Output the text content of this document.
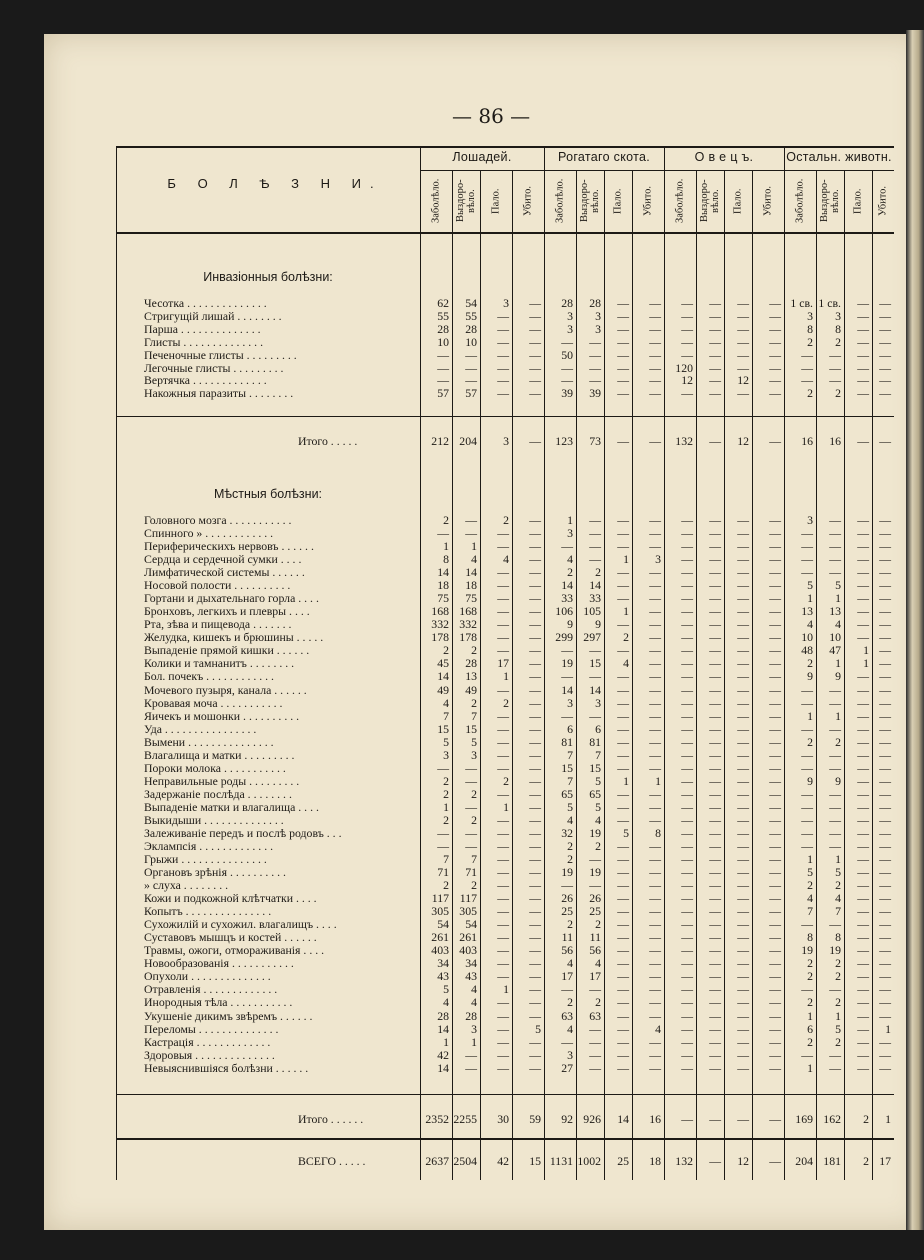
— 86 —
Б О Л Ѣ З Н И.
Лошадей.	Рогатаго скота.	О в е ц ъ.	Остальн. животн.
Заболѣло.	Выздоро-вѣло.	Пало.	Убито.	Заболѣло.	Выздоро-вѣло.	Пало.	Убито.	Заболѣло.	Выздоро-вѣло.	Пало.	Убито.	Заболѣло.	Выздоро-вѣло.	Пало.	Убито.
Инвазіонныя болѣзни:
Чесотка . . . . . . . . . . . . . .	62	54	3	—	28	28	—	—	—	—	—	— 1 св. 1 св.	— —
Стригущій лишай . . . . . . . .	55	55	—	—	3	3	—	—	—	—	—	—	3	3	— —
Парша . . . . . . . . . . . . . .	28	28	—	—	3	3	—	—	—	—	—	—	8	8	— —
Глисты . . . . . . . . . . . . . .	10	10	—	—	—	—	—	—	—	—	—	—	2	2	— —
Печеночные глисты . . . . . . . . .	—	—	—	—	50	—	—	—	—	—	—	—	—	—	— —
Легочные глисты . . . . . . . . .	—	—	—	—	—	—	—	—	120	—	—	—	—	—	— —
Вертячка . . . . . . . . . . . . .	—	—	—	—	—	—	—	—	12	—	12	—	—	—	— —
Накожныя паразиты . . . . . . . .	57	57	—	—	39	39	—	—	—	—	—	—	2	2	— —
Итого . . . . .	212 204	3	—	123	73	—	—	132	—	12	—	16	16	— —
Мѣстныя болѣзни:
Головного мозга . . . . . . . . . . .	2	—	2	—	1	—	—	—	—	—	—	—	3	—	— —
Спинного » . . . . . . . . . . . .	—	—	—	—	3	—	—	—	—	—	—	—	—	—	— —
Периферическихъ нервовъ . . . . . .	1	1	—	—	—	—	—	—	—	—	—	—	—	—	— —
Сердца и сердечной сумки . . . .	8	4	4	—	4	—	1	3	—	—	—	—	—	—	— —
Лимфатической системы . . . . . .	14	14	—	—	2	2	—	—	—	—	—	—	—	—	— —
Носовой полости . . . . . . . . . .	18	18	—	—	14	14	—	—	—	—	—	—	5	5	— —
Гортани и дыхательнаго горла . . . .	75	75	—	—	33	33	—	—	—	—	—	—	1	1	— —
Бронховъ, легкихъ и плевры . . . .	168 168	—	—	106 105	1	—	—	—	—	—	13	13	— —
Рта, зѣва и пищевода . . . . . . .	332 332	—	—	9	9	—	—	—	—	—	—	4	4	— —
Желудка, кишекъ и брюшины . . . . .	178 178	—	—	299 297	2	—	—	—	—	—	10	10	— —
Выпаденіе прямой кишки . . . . . .	2	2	—	—	—	—	—	—	—	—	—	—	48	47	1 —
Колики и тамнанитъ . . . . . . . .	45	28	17	—	19	15	4	—	—	—	—	—	2	1	1 —
Бол. почекъ . . . . . . . . . . . .	14	13	1	—	—	—	—	—	—	—	—	—	9	9	— —
Мочевого пузыря, канала . . . . . .	49	49	—	—	14	14	—	—	—	—	—	—	—	—	— —
Кровавая моча . . . . . . . . . . .	4	2	2	—	3	3	—	—	—	—	—	—	—	—	— —
Яичекъ и мошонки . . . . . . . . . .	7	7	—	—	—	—	—	—	—	—	—	—	1	1	— —
Уда . . . . . . . . . . . . . . . .	15	15	—	—	6	6	—	—	—	—	—	—	—	—	— —
Вымени . . . . . . . . . . . . . . .	5	5	—	—	81	81	—	—	—	—	—	—	2	2	— —
Влагалища и матки . . . . . . . . .	3	3	—	—	7	7	—	—	—	—	—	—	—	—	— —
Пороки молока . . . . . . . . . . .	—	—	—	—	15	15	—	—	—	—	—	—	—	—	— —
Неправильные роды . . . . . . . . .	2	—	2	—	7	5	1	1	—	—	—	—	9	9	— —
Задержаніе послѣда . . . . . . . .	2	2	—	—	65	65	—	—	—	—	—	—	—	—	— —
Выпаденіе матки и влагалища . . . .	1	—	1	—	5	5	—	—	—	—	—	—	—	—	— —
Выкидыши . . . . . . . . . . . . . .	2	2	—	—	4	4	—	—	—	—	—	—	—	—	— —
Залеживаніе передъ и послѣ родовъ . . .	—	—	—	—	32	19	5	8	—	—	—	—	—	—	— —
Эклампсія . . . . . . . . . . . . .	—	—	—	—	2	2	—	—	—	—	—	—	—	—	— —
Грыжи . . . . . . . . . . . . . . .	7	7	—	—	2	—	—	—	—	—	—	—	1	1	— —
Органовъ зрѣнія . . . . . . . . . .	71	71	—	—	19	19	—	—	—	—	—	—	5	5	— —
» слуха . . . . . . . .	2	2	—	—	—	—	—	—	—	—	—	—	2	2	— —
Кожи и подкожной клѣтчатки . . . .	117 117	—	—	26	26	—	—	—	—	—	—	4	4	— —
Копытъ . . . . . . . . . . . . . . .	305 305	—	—	25	25	—	—	—	—	—	—	7	7	— —
Сухожилій и сухожил. влагалищъ . . . .	54	54	—	—	2	2	—	—	—	—	—	—	—	—	— —
Суставовъ мышцъ и костей . . . . . .	261 261	—	—	11	11	—	—	—	—	—	—	8	8	— —
Травмы, ожоги, отмораживанія . . . .	403 403	—	—	56	56	—	—	—	—	—	—	19	19	— —
Новообразованія . . . . . . . . . . .	34	34	—	—	4	4	—	—	—	—	—	—	2	2	— —
Опухоли . . . . . . . . . . . . . .	43	43	—	—	17	17	—	—	—	—	—	—	2	2	— —
Отравленія . . . . . . . . . . . . .	5	4	1	—	—	—	—	—	—	—	—	—	—	—	— —
Инородныя тѣла . . . . . . . . . . .	4	4	—	—	2	2	—	—	—	—	—	—	2	2	— —
Укушеніе дикимъ звѣремъ . . . . . .	28	28	—	—	63	63	—	—	—	—	—	—	1	1	— —
Переломы . . . . . . . . . . . . . .	14	3	—	5	4	—	—	4	—	—	—	—	6	5	—	1
Кастрація . . . . . . . . . . . . .	1	1	—	—	—	—	—	—	—	—	—	—	2	2	— —
Здоровыя . . . . . . . . . . . . . .	42	—	—	—	3	—	—	—	—	—	—	—	—	—	— —
Невыяснившіяся болѣзни . . . . . .	14	—	—	—	27	—	—	—	—	—	—	—	1	—	— —
Итого . . . . . .	2352 2255	30	59	92 926	14	16	—	—	—	—	169 162	2	1
ВСЕГО . . . . .	2637 2504	42	15 1131 1002	25	18	132	—	12	—	204 181	2 17
